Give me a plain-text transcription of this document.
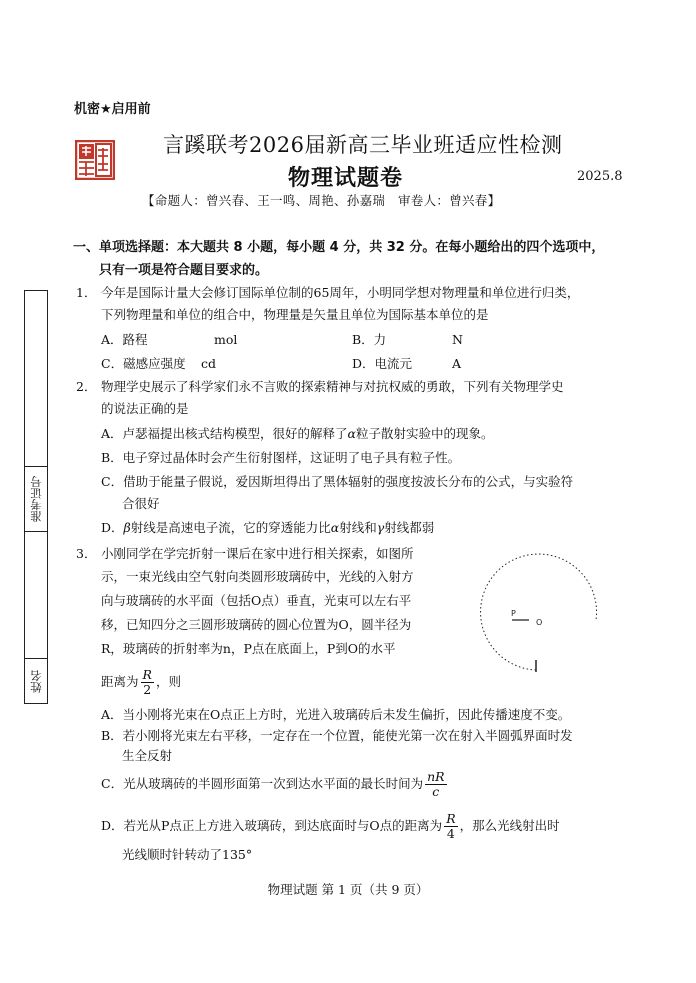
机密★启用前
言蹊联考2026届新高三毕业班适应性检测
物理试题卷	2025.8
【命题人：曾兴春、王一鸣、周艳、孙嘉瑞　审卷人：曾兴春】
准考证号
姓名
一、单项选择题：本大题共 8 小题，每小题 4 分，共 32 分。在每小题给出的四个选项中，
只有一项是符合题目要求的。
1． 今年是国际计量大会修订国际单位制的65周年，小明同学想对物理量和单位进行归类，
下列物理量和单位的组合中，物理量是矢量且单位为国际基本单位的是
A．路程	mol	B．力	N
C．磁感应强度 cd	D．电流元	A
2． 物理学史展示了科学家们永不言败的探索精神与对抗权威的勇敢，下列有关物理学史
的说法正确的是
A．卢瑟福提出核式结构模型，很好的解释了α粒子散射实验中的现象。
B．电子穿过晶体时会产生衍射图样，这证明了电子具有粒子性。
C．借助于能量子假说，爱因斯坦得出了黑体辐射的强度按波长分布的公式，与实验符
合很好
D．β射线是高速电子流，它的穿透能力比α射线和γ射线都弱
3． 小刚同学在学完折射一课后在家中进行相关探索，如图所
示，一束光线由空气射向类圆形玻璃砖中，光线的入射方
向与玻璃砖的水平面（包括O点）垂直，光束可以左右平
移，已知四分之三圆形玻璃砖的圆心位置为O，圆半径为
R，玻璃砖的折射率为n，P点在底面上，P到O的水平
距离为 $\frac{R}{2}$ ，则
P
O
A．当小刚将光束在O点正上方时，光进入玻璃砖后未发生偏折，因此传播速度不变。
B．若小刚将光束左右平移，一定存在一个位置，能使光第一次在射入半圆弧界面时发
生全反射
C．光从玻璃砖的半圆形面第一次到达水平面的最长时间为 $\frac{nR}{c}$
D．若光从P点正上方进入玻璃砖，到达底面时与O点的距离为 $\frac{R}{4}$ ，那么光线射出时
光线顺时针转动了135°
物理试题 第 1 页（共 9 页）
